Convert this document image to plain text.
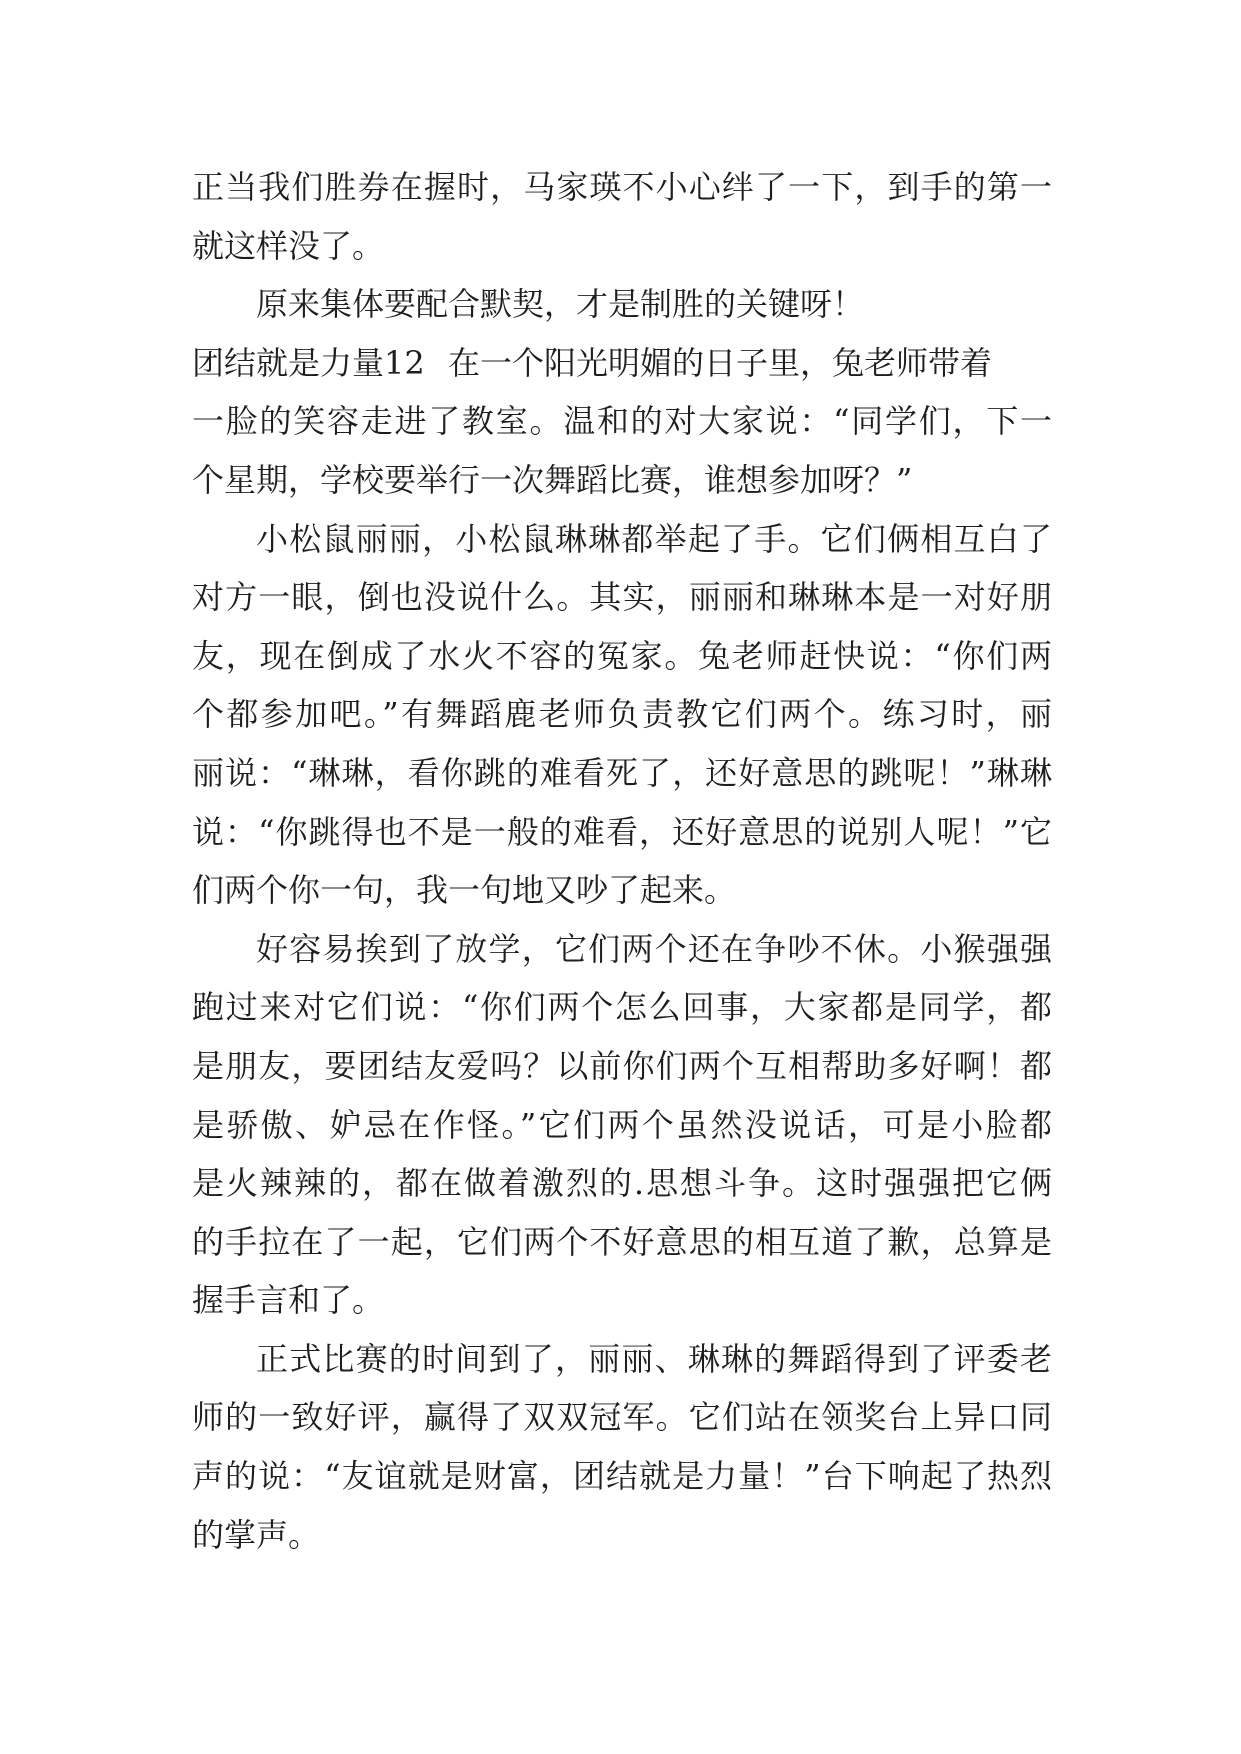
正当我们胜券在握时，马家瑛不小心绊了一下，到手的第一
就这样没了。
原来集体要配合默契，才是制胜的关键呀！
团结就是力量12 在一个阳光明媚的日子里，兔老师带着
一脸的笑容走进了教室。温和的对大家说：“同学们，下一
个星期，学校要举行一次舞蹈比赛，谁想参加呀？”
小松鼠丽丽，小松鼠琳琳都举起了手。它们俩相互白了
对方一眼，倒也没说什么。其实，丽丽和琳琳本是一对好朋
友，现在倒成了水火不容的冤家。兔老师赶快说：“你们两
个都参加吧。”有舞蹈鹿老师负责教它们两个。练习时，丽
丽说：“琳琳，看你跳的难看死了，还好意思的跳呢！”琳琳
说：“你跳得也不是一般的难看，还好意思的说别人呢！”它
们两个你一句，我一句地又吵了起来。
好容易挨到了放学，它们两个还在争吵不休。小猴强强
跑过来对它们说：“你们两个怎么回事，大家都是同学，都
是朋友，要团结友爱吗？以前你们两个互相帮助多好啊！都
是骄傲、妒忌在作怪。”它们两个虽然没说话，可是小脸都
是火辣辣的，都在做着激烈的.思想斗争。这时强强把它俩
的手拉在了一起，它们两个不好意思的相互道了歉，总算是
握手言和了。
正式比赛的时间到了，丽丽、琳琳的舞蹈得到了评委老
师的一致好评，赢得了双双冠军。它们站在领奖台上异口同
声的说：“友谊就是财富，团结就是力量！”台下响起了热烈
的掌声。
